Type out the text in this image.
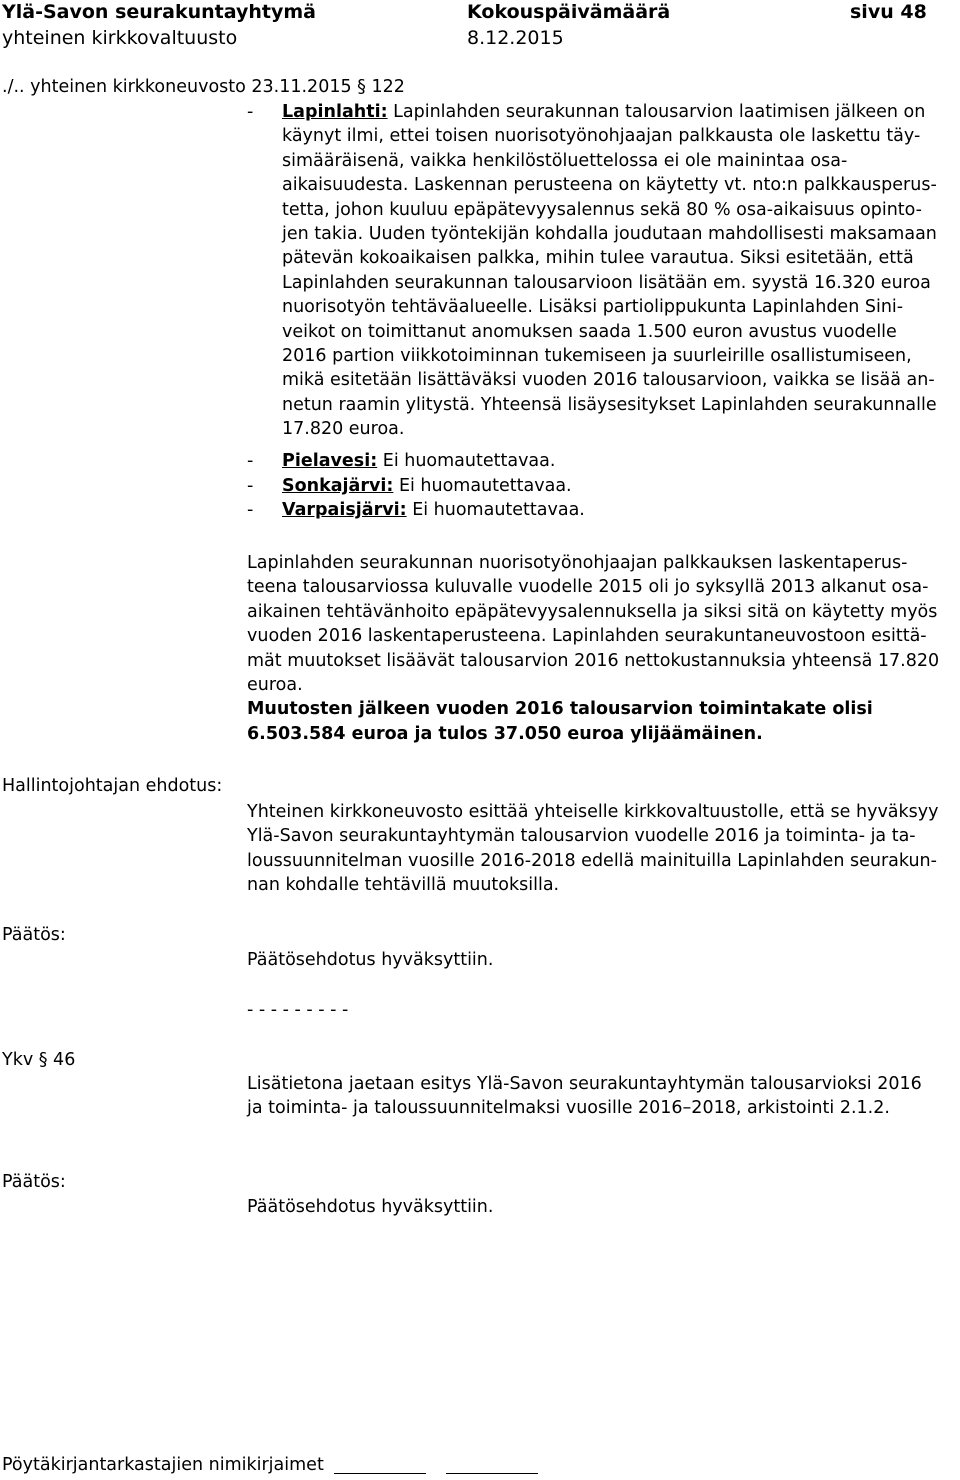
Ylä-Savon seurakuntayhtymä	Kokouspäivämäärä	sivu 48
yhteinen kirkkovaltuusto	8.12.2015
./.. yhteinen kirkkoneuvosto 23.11.2015 § 122
- Lapinlahti: Lapinlahden seurakunnan talousarvion laatimisen jälkeen on

käynyt ilmi, ettei toisen nuorisotyönohjaajan palkkausta ole laskettu täy-

simääräisenä, vaikka henkilöstöluettelossa ei ole mainintaa osa-

aikaisuudesta. Laskennan perusteena on käytetty vt. nto:n palkkausperus-

tetta, johon kuuluu epäpätevyysalennus sekä 80 % osa-aikaisuus opinto-

jen takia. Uuden työntekijän kohdalla joudutaan mahdollisesti maksamaan

pätevän kokoaikaisen palkka, mihin tulee varautua. Siksi esitetään, että

Lapinlahden seurakunnan talousarvioon lisätään em. syystä 16.320 euroa

nuorisotyön tehtäväalueelle. Lisäksi partiolippukunta Lapinlahden Sini-

veikot on toimittanut anomuksen saada 1.500 euron avustus vuodelle

2016 partion viikkotoiminnan tukemiseen ja suurleirille osallistumiseen,

mikä esitetään lisättäväksi vuoden 2016 talousarvioon, vaikka se lisää an-

netun raamin ylitystä. Yhteensä lisäysesitykset Lapinlahden seurakunnalle

17.820 euroa.

- Pielavesi: Ei huomautettavaa.
- Sonkajärvi: Ei huomautettavaa.
- Varpaisjärvi: Ei huomautettavaa.

Lapinlahden seurakunnan nuorisotyönohjaajan palkkauksen laskentaperus-

teena talousarviossa kuluvalle vuodelle 2015 oli jo syksyllä 2013 alkanut osa-

aikainen tehtävänhoito epäpätevyysalennuksella ja siksi sitä on käytetty myös

vuoden 2016 laskentaperusteena. Lapinlahden seurakuntaneuvostoon esittä-

mät muutokset lisäävät talousarvion 2016 nettokustannuksia yhteensä 17.820

euroa.

Muutosten jälkeen vuoden 2016 talousarvion toimintakate olisi

6.503.584 euroa ja tulos 37.050 euroa ylijäämäinen.

Hallintojohtajan ehdotus:

Yhteinen kirkkoneuvosto esittää yhteiselle kirkkovaltuustolle, että se hyväksyy

Ylä-Savon seurakuntayhtymän talousarvion vuodelle 2016 ja toiminta- ja ta-

loussuunnitelman vuosille 2016-2018 edellä mainituilla Lapinlahden seurakun-

nan kohdalle tehtävillä muutoksilla.

Päätös:
Päätösehdotus hyväksyttiin.
- - - - - - - - -
Ykv § 46

Lisätietona jaetaan esitys Ylä-Savon seurakuntayhtymän talousarvioksi 2016

ja toiminta- ja taloussuunnitelmaksi vuosille 2016–2018, arkistointi 2.1.2.

Päätös:
Päätösehdotus hyväksyttiin.
Pöytäkirjantarkastajien nimikirjaimet
